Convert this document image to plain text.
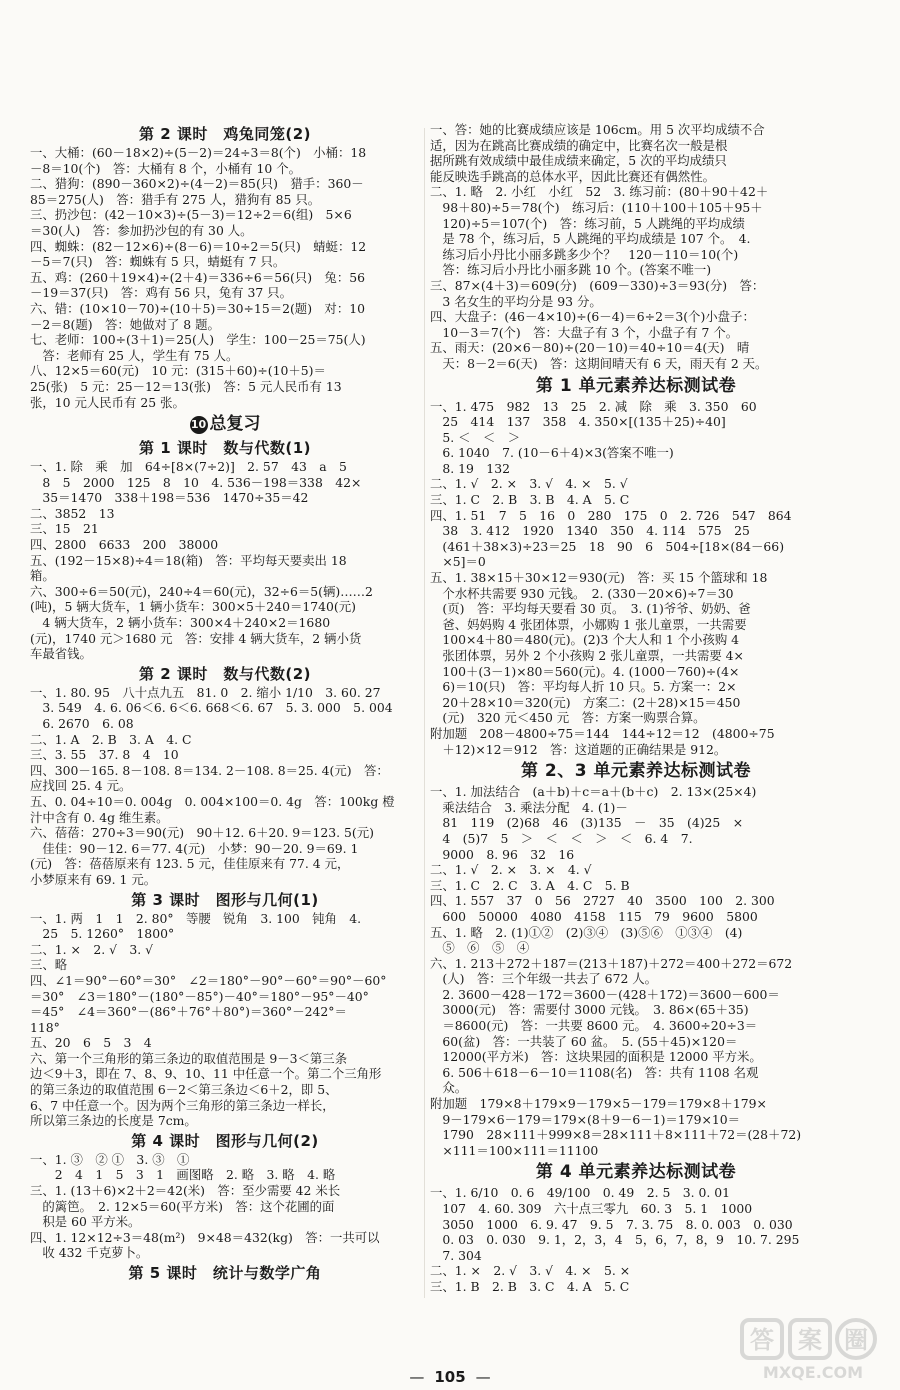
第 2 课时　鸡兔同笼(2)
一、大桶：(60－18×2)÷(5－2)＝24÷3＝8(个)　小桶：18
－8＝10(个)　答：大桶有 8 个，小桶有 10 个。
二、猎狗：(890－360×2)÷(4－2)＝85(只)　猎手：360－
85＝275(人)　答：猎手有 275 人，猎狗有 85 只。
三、扔沙包：(42－10×3)÷(5－3)＝12÷2＝6(组)　5×6
＝30(人)　答：参加扔沙包的有 30 人。
四、蜘蛛：(82－12×6)÷(8－6)＝10÷2＝5(只)　蜻蜓：12
－5＝7(只)　答：蜘蛛有 5 只，蜻蜓有 7 只。
五、鸡：(260＋19×4)÷(2＋4)＝336÷6＝56(只)　兔：56
－19＝37(只)　答：鸡有 56 只，兔有 37 只。
六、错：(10×10－70)÷(10＋5)＝30÷15＝2(题)　对：10
－2＝8(题)　答：她做对了 8 题。
七、老师：100÷(3＋1)＝25(人)　学生：100－25＝75(人)
　答：老师有 25 人，学生有 75 人。
八、12×5＝60(元)　10 元：(315＋60)÷(10＋5)＝
25(张)　5 元：25－12＝13(张)　答：5 元人民币有 13
张，10 元人民币有 25 张。
10 总复习
第 1 课时　数与代数(1)
一、1. 除　乘　加　64÷[8×(7÷2)]　2. 57　43　a　5
　8　5　2000　125　8　10　4. 536－198＝338　42×
　35＝1470　338＋198＝536　1470÷35＝42
二、3852　13
三、15　21
四、2800　6633　200　38000
五、(192－15×8)÷4＝18(箱)　答：平均每天要卖出 18
箱。
六、300÷6＝50(元)，240÷4＝60(元)，32÷6＝5(辆)……2
(吨)，5 辆大货车，1 辆小货车：300×5＋240＝1740(元)
　4 辆大货车，2 辆小货车：300×4＋240×2＝1680
(元)，1740 元＞1680 元　答：安排 4 辆大货车，2 辆小货
车最省钱。
第 2 课时　数与代数(2)
一、1. 80. 95　八十点九五　81. 0　2. 缩小 1/10　3. 60. 27
　3. 549　4. 6. 06＜6. 6＜6. 668＜6. 67　5. 3. 000　5. 004
　6. 2670　6. 08
二、1. A　2. B　3. A　4. C
三、3. 55　37. 8　4　10
四、300－165. 8－108. 8＝134. 2－108. 8＝25. 4(元)　答：
应找回 25. 4 元。
五、0. 04÷10＝0. 004g　0. 004×100＝0. 4g　答：100kg 橙
汁中含有 0. 4g 维生素。
六、蓓蓓：270÷3＝90(元)　90＋12. 6＋20. 9＝123. 5(元)
　佳佳：90－12. 6＝77. 4(元)　小梦：90－20. 9＝69. 1
(元)　答：蓓蓓原来有 123. 5 元，佳佳原来有 77. 4 元，
小梦原来有 69. 1 元。
第 3 课时　图形与几何(1)
一、1. 两　1　1　2. 80°　等腰　锐角　3. 100　钝角　4.
　25　5. 1260°　1800°
二、1. ×　2. √　3. √
三、略
四、∠1＝90°－60°＝30°　∠2＝180°－90°－60°＝90°－60°
＝30°　∠3＝180°－(180°－85°)－40°＝180°－95°－40°
＝45°　∠4＝360°－(86°＋76°＋80°)＝360°－242°＝
118°
五、20　6　5　3　4
六、第一个三角形的第三条边的取值范围是 9－3＜第三条
边＜9＋3，即在 7、8、9、10、11 中任意一个。第二个三角形
的第三条边的取值范围 6－2＜第三条边＜6＋2，即 5、
6、7 中任意一个。因为两个三角形的第三条边一样长，
所以第三条边的长度是 7cm。
第 4 课时　图形与几何(2)
一、1. ③　② ①　3. ③　①
　　2　4　1　5　3　1　画图略　2. 略　3. 略　4. 略
三、1. (13＋6)×2＋2＝42(米)　答：至少需要 42 米长
　的篱笆。　2. 12×5＝60(平方米)　答：这个花圃的面
　积是 60 平方米。
四、1. 12×12÷3＝48(m²)　9×48＝432(kg)　答：一共可以
　收 432 千克萝卜。
第 5 课时　统计与数学广角
一、答：她的比赛成绩应该是 106cm。用 5 次平均成绩不合
适，因为在跳高比赛成绩的确定中，比赛名次一般是根
据所跳有效成绩中最佳成绩来确定，5 次的平均成绩只
能反映选手跳高的总体水平，因此比赛还有偶然性。
二、1. 略　2. 小红　小红　52　3. 练习前：(80＋90＋42＋
　98＋80)÷5＝78(个)　练习后：(110＋100＋105＋95＋
　120)÷5＝107(个)　答：练习前，5 人跳绳的平均成绩
　是 78 个，练习后，5 人跳绳的平均成绩是 107 个。　4.
　练习后小丹比小丽多跳多少个？　120－110＝10(个)
　答：练习后小丹比小丽多跳 10 个。(答案不唯一)
三、87×(4＋3)＝609(分)　(609－330)÷3＝93(分)　答：
　3 名女生的平均分是 93 分。
四、大盘子：(46－4×10)÷(6－4)＝6÷2＝3(个)小盘子：
　10－3＝7(个)　答：大盘子有 3 个，小盘子有 7 个。
五、雨天：(20×6－80)÷(20－10)＝40÷10＝4(天)　晴
　天：8－2＝6(天)　答：这期间晴天有 6 天，雨天有 2 天。
第 1 单元素养达标测试卷
一、1. 475　982　13　25　2. 减　除　乘　3. 350　60
　25　414　137　358　4. 350×[(135＋25)÷40]
　5. ＜　＜　＞
　6. 1040　7. (10－6＋4)×3(答案不唯一)
　8. 19　132
二、1. √　2. ×　3. √　4. ×　5. √
三、1. C　2. B　3. B　4. A　5. C
四、1. 51　7　5　16　0　280　175　0　2. 726　547　864
　38　3. 412　1920　1340　350　4. 114　575　25
　(461＋38×3)÷23＝25　18　90　6　504÷[18×(84－66)
　×5]＝0
五、1. 38×15＋30×12＝930(元)　答：买 15 个篮球和 18
　个水杯共需要 930 元钱。　2. (330－20×6)÷7＝30
　(页)　答：平均每天要看 30 页。　3. (1)爷爷、奶奶、爸
　爸、妈妈购 4 张团体票，小娜购 1 张儿童票，一共需要
　100×4＋80＝480(元)。(2)3 个大人和 1 个小孩购 4
　张团体票，另外 2 个小孩购 2 张儿童票，一共需要 4×
　100＋(3－1)×80＝560(元)。4. (1000－760)÷(4×
　6)＝10(只)　答：平均每人折 10 只。5. 方案一：2×
　20＋28×10＝320(元)　方案二：(2＋28)×15＝450
　(元)　320 元＜450 元　答：方案一购票合算。
附加题　208－4800÷75＝144　144÷12＝12　(4800÷75
　＋12)×12＝912　答：这道题的正确结果是 912。
第 2、3 单元素养达标测试卷
一、1. 加法结合　(a＋b)＋c＝a＋(b＋c)　2. 13×(25×4)
　乘法结合　3. 乘法分配　4. (1)－
　81　119　(2)68　46　(3)135　－　35　(4)25　×
　4　(5)7　5　＞　＜　＜　＞　＜　6. 4　7.
　9000　8. 96　32　16
二、1. √　2. ×　3. ×　4. √
三、1. C　2. C　3. A　4. C　5. B
四、1. 557　37　0　56　2727　40　3500　100　2. 300
　600　50000　4080　4158　115　79　9600　5800
五、1. 略　2. (1)①②　(2)③④　(3)⑤⑥　①③④　(4)
　⑤　⑥　⑤　④
六、1. 213＋272＋187＝(213＋187)＋272＝400＋272＝672
　(人)　答：三个年级一共去了 672 人。
　2. 3600－428－172＝3600－(428＋172)＝3600－600＝
　3000(元)　答：需要付 3000 元钱。　3. 86×(65＋35)
　＝8600(元)　答：一共要 8600 元。　4. 3600÷20÷3＝
　60(盆)　答：一共装了 60 盆。　5. (55＋45)×120＝
　12000(平方米)　答：这块果园的面积是 12000 平方米。
　6. 506＋618－6－10＝1108(名)　答：共有 1108 名观
　众。
附加题　179×8＋179×9－179×5－179＝179×8＋179×
　9－179×6－179＝179×(8＋9－6－1)＝179×10＝
　1790　28×111＋999×8＝28×111＋8×111＋72＝(28＋72)
　×111＝100×111＝11100
第 4 单元素养达标测试卷
一、1. 6/10　0. 6　49/100　0. 49　2. 5　3. 0. 01
　107　4. 60. 309　六十点三零九　60. 3　5. 1　1000
　3050　1000　6. 9. 47　9. 5　7. 3. 75　8. 0. 003　0. 030
　0. 03　0. 030　9. 1，2，3，4　5，6，7，8，9　10. 7. 295
　7. 304
二、1. ×　2. √　3. √　4. ×　5. ×
三、1. B　2. B　3. C　4. A　5. C
— 105 —
答 案 圈
MXQE.COM
